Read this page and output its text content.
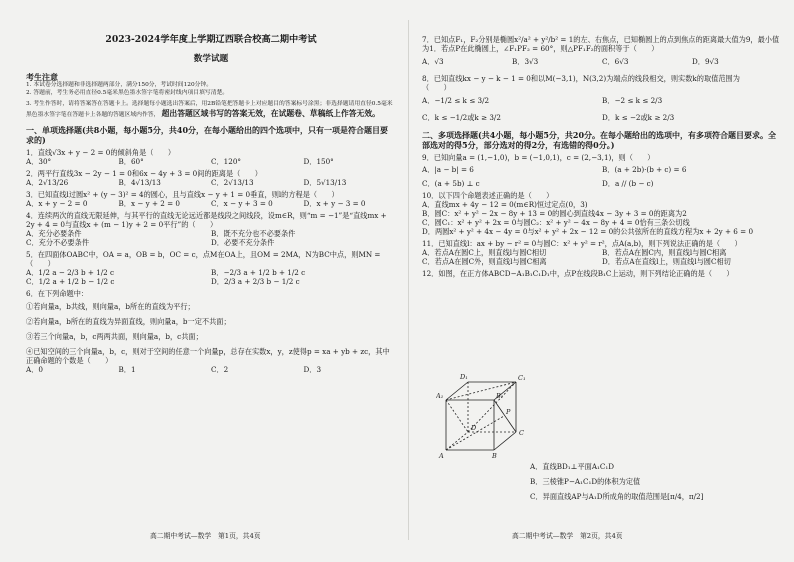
2023-2024学年度上学期辽西联合校高二期中考试
数学试题
考生注意
1. 本试卷分选择题和非选择题两部分，满分150分，考试时间120分钟。
2. 答题前，考生务必用直径0.5毫米黑色墨水签字笔将密封线内项目填写清楚。
3. 考生作答时，请将答案答在答题卡上。选择题每小题选出答案后，用2B铅笔把答题卡上对应题目的答案标号涂黑；非选择题请用直径0.5毫米黑色墨水签字笔在答题卡上各题的答题区域内作答， 超出答题区域书写的答案无效，在试题卷、草稿纸上作答无效。
一、单项选择题(共8小题，每小题5分，共40分，在每小题给出的四个选项中，只有一项是符合题目要求的)
1．直线√3x + y − 2 = 0的倾斜角是（　　）
A．30°	B．60°	C．120°	D．150°
2．两平行直线3x − 2y − 1 = 0和6x − 4y + 3 = 0间的距离是（　　）
A．2√13/26	B．4√13/13	C．2√13/13	D．5√13/13
3．已知直线l过圆x² + (y − 3)² = 4的圆心，且与直线x − y + 1 = 0垂直，则l的方程是（　　）
A．x + y − 2 = 0	B．x − y + 2 = 0	C．x − y + 3 = 0	D．x + y − 3 = 0
4．连续两次的直线无限延伸，与其平行的直线无论远近都是线段之间线段，设m∈R，则“m = −1”是“直线mx + 2y + 4 = 0与直线x + (m − 1)y + 2 = 0平行”的（　　）
A．充分必要条件	B．既不充分也不必要条件
C．充分不必要条件	D．必要不充分条件
5．在四面体OABC中，OA = a，OB = b，OC = c，点M在OA上，且OM = 2MA，N为BC中点，则MN =
（　　）
A．1/2 a − 2/3 b + 1/2 c	B．−2/3 a + 1/2 b + 1/2 c
C．1/2 a + 1/2 b − 1/2 c	D．2/3 a + 2/3 b − 1/2 c
6．在下列命题中：
①若向量a，b共线，则向量a，b所在的直线为平行；
②若向量a，b所在的直线为异面直线，则向量a，b一定不共面；
③若三个向量a，b，c两两共面，则向量a，b，c共面；
④已知空间的三个向量a，b，c，则对于空间的任意一个向量p，总存在实数x，y，z使得p = xa + yb + zc，其中
正确命题的个数是（　　）
A．0	B．1	C．2	D．3
高二期中考试—数学　第1页，共4页
7．已知点F₁，F₂分别是椭圆x²/a² + y²/b² = 1的左、右焦点，已知椭圆上的点到焦点的距离最大值为9，最小值为1．若点P在此椭圆上，∠F₁PF₂ = 60°，则△PF₁F₂的面积等于（　　）
A．√3	B．3√3	C．6√3	D．9√3
8．已知直线kx − y − k − 1 = 0和以M(−3,1)，N(3,2)为端点的线段相交，则实数k的取值范围为
（　　）
A．−1/2 ≤ k ≤ 3/2	B．−2 ≤ k ≤ 2/3
C．k ≤ −1/2或k ≥ 3/2	D．k ≤ −2或k ≥ 2/3
二、多项选择题(共4小题，每小题5分，共20分。在每小题给出的选项中，有多项符合题目要求。全部选对的得5分，部分选对的得2分，有选错的得0分。)
9．已知向量a = (1,−1,0)，b = (−1,0,1)，c = (2,−3,1)，则（　　）
A．|a − b| = 6	B．(a + 2b)·(b + c) = 6
C．(a + 5b) ⊥ c	D．a // (b − c)
10．以下四个命题表述正确的是（　　）
A．直线mx + 4y − 12 = 0(m∈R)恒过定点(0，3)
B．圆C：x² + y² − 2x − 8y + 13 = 0的圆心到直线4x − 3y + 3 = 0的距离为2
C．圆C₁：x² + y² + 2x = 0与圆C₂：x² + y² − 4x − 8y + 4 = 0恰有三条公切线
D．两圆x² + y² + 4x − 4y = 0与x² + y² + 2x − 12 = 0的公共弦所在的直线方程为x + 2y + 6 = 0
11．已知直线l：ax + by − r² = 0与圆C：x² + y² = r²，点A(a,b)，则下列说法正确的是（　　）
A．若点A在圆C上，则直线l与圆C相切	B．若点A在圆C内，则直线l与圆C相离
C．若点A在圆C外，则直线l与圆C相离	D．若点A在直线l上，则直线l与圆C相切
12．如图，在正方体ABCD−A₁B₁C₁D₁中，点P在线段B₁C上运动，则下列结论正确的是（　　）
A	B
C
D
A₁	B₁
C₁
D₁
P
A．直线BD₁⊥平面A₁C₁D
B．三棱锥P−A₁C₁D的体积为定值
C．异面直线AP与A₁D所成角的取值范围是[π/4，π/2]
高二期中考试—数学　第2页，共4页
